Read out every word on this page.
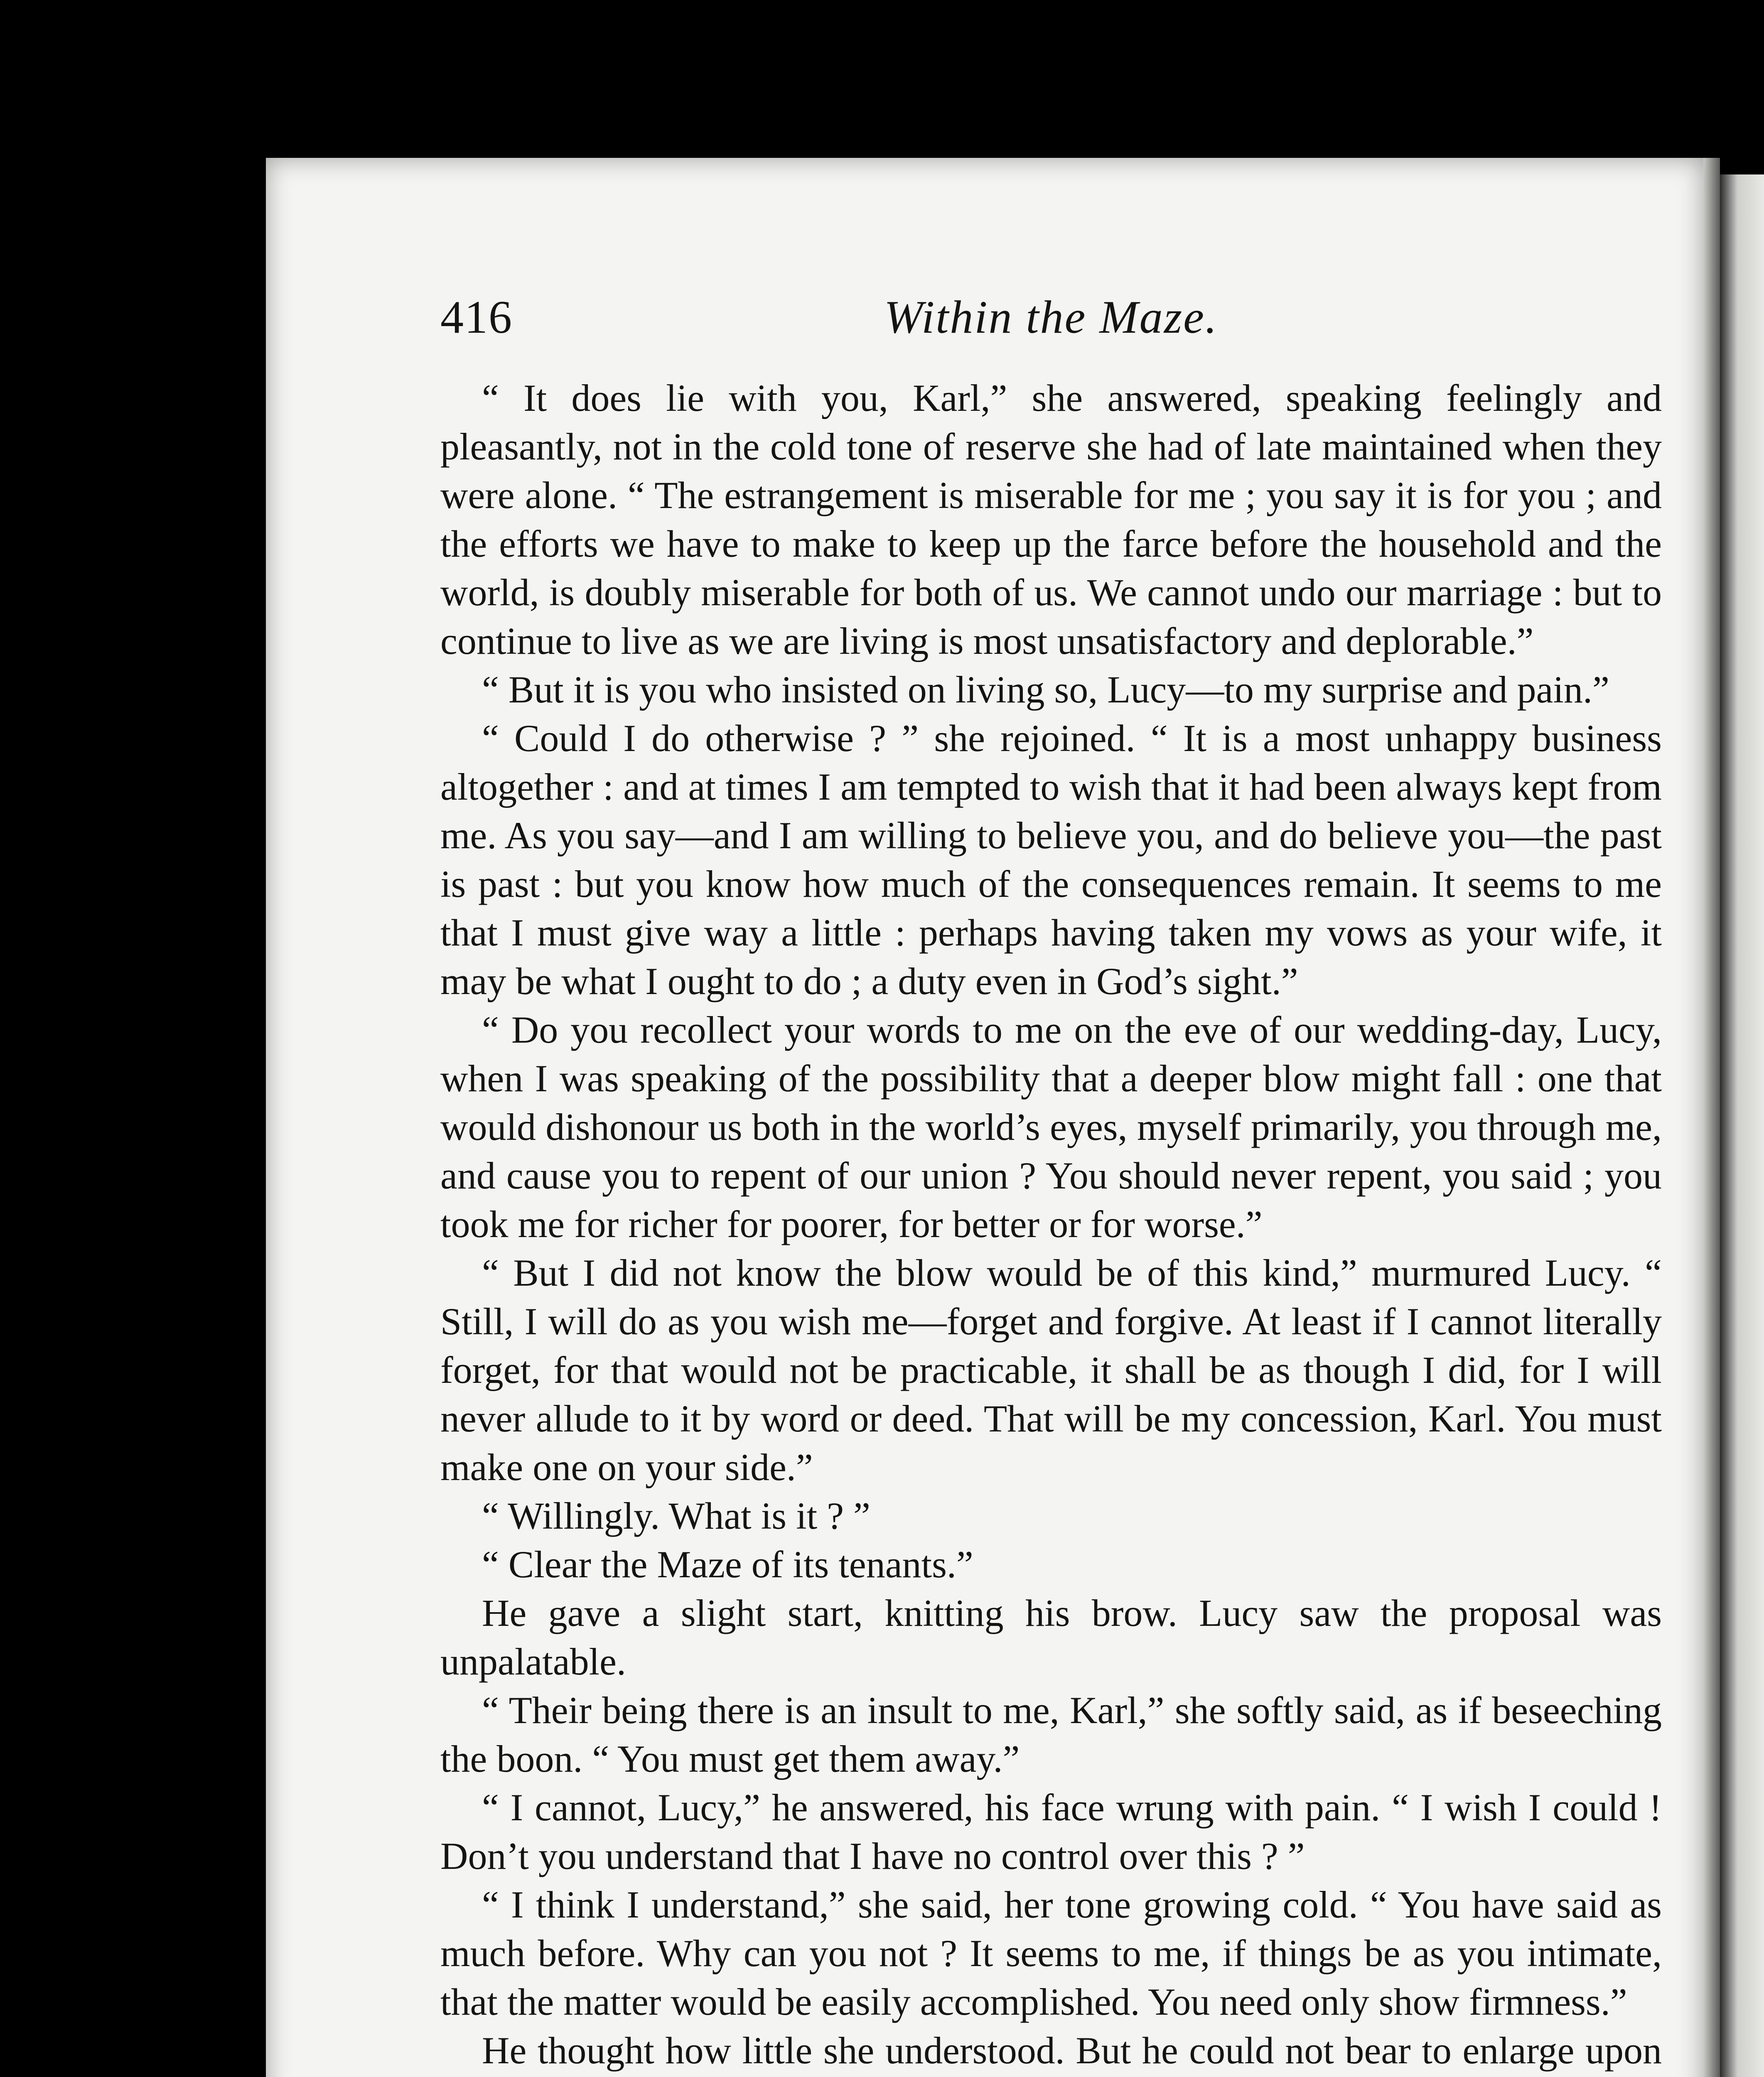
416	Within the Maze.

“ It does lie with you, Karl,” she answered, speaking feelingly and pleasantly, not in the cold tone of reserve she had of late maintained when they were alone. “ The estrangement is miserable for me ; you say it is for you ; and the efforts we have to make to keep up the farce before the household and the world, is doubly miserable for both of us. We cannot undo our marriage : but to continue to live as we are living is most unsatisfactory and deplorable.”

“ But it is you who insisted on living so, Lucy—to my surprise and pain.”

“ Could I do otherwise ? ” she rejoined. “ It is a most unhappy business altogether : and at times I am tempted to wish that it had been always kept from me. As you say—and I am willing to believe you, and do believe you—the past is past : but you know how much of the consequences remain. It seems to me that I must give way a little : perhaps having taken my vows as your wife, it may be what I ought to do ; a duty even in God’s sight.”

“ Do you recollect your words to me on the eve of our wedding-day, Lucy, when I was speaking of the possibility that a deeper blow might fall : one that would dishonour us both in the world’s eyes, myself primarily, you through me, and cause you to repent of our union ? You should never repent, you said ; you took me for richer for poorer, for better or for worse.”

“ But I did not know the blow would be of this kind,” murmured Lucy. “ Still, I will do as you wish me—forget and forgive. At least if I cannot literally forget, for that would not be practicable, it shall be as though I did, for I will never allude to it by word or deed. That will be my concession, Karl. You must make one on your side.”

“ Willingly. What is it ? ”

“ Clear the Maze of its tenants.”

He gave a slight start, knitting his brow. Lucy saw the proposal was unpalatable.

“ Their being there is an insult to me, Karl,” she softly said, as if beseeching the boon. “ You must get them away.”

“ I cannot, Lucy,” he answered, his face wrung with pain. “ I wish I could ! Don’t you understand that I have no control over this ? ”

“ I think I understand,” she said, her tone growing cold. “ You have said as much before. Why can you not ? It seems to me, if things be as you intimate, that the matter would be easily accomplished. You need only show firmness.”

He thought how little she understood. But he could not bear to enlarge upon
